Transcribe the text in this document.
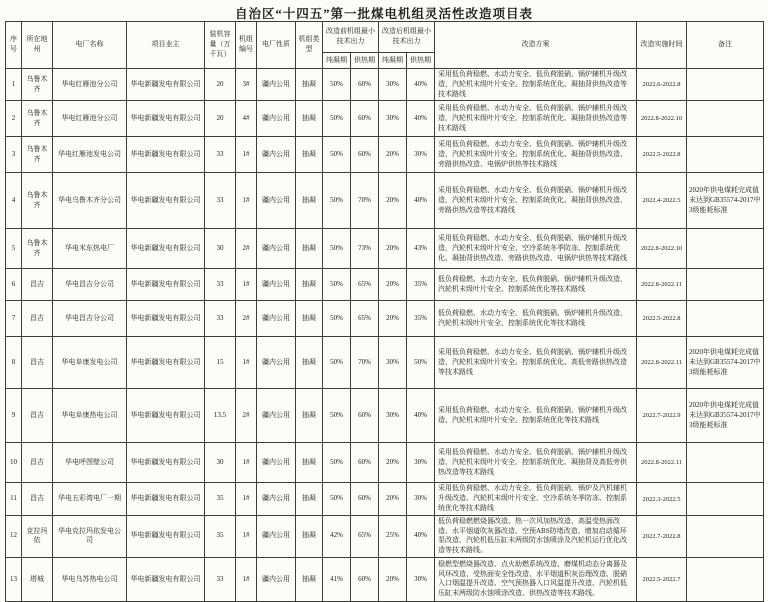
自治区“十四五”第一批煤电机组灵活性改造项目表
序号	所在地州	电厂名称	项目业主	装机容量（万千瓦）	机组编号	电厂性质	机组类型	改造前机组最小技术出力		改造后机组最小技术出力		改造方案	改造实施时间	备注
								纯凝期	供热期	纯凝期	供热期			
1	乌鲁木齐	华电红雁池分公司	华电新疆发电有限公司	20	3#	疆内公用	抽凝	50%	60%	30%	40%	采用低负荷稳燃、水动力安全、低负荷脱硝、锅炉辅机升级改造，汽轮机末级叶片安全、控制系统优化、凝抽背供热改造等技术路线	2022.6-2022.8	
2	乌鲁木齐	华电红雁池分公司	华电新疆发电有限公司	20	4#	疆内公用	抽凝	50%	60%	30%	40%	采用低负荷稳燃、水动力安全、低负荷脱硝、锅炉辅机升级改造，汽轮机末级叶片安全、控制系统优化、凝抽背供热改造等技术路线	2022.8-2022.10	
3	乌鲁木齐	华电红雁池发电公司	华电新疆发电有限公司	33	1#	疆内公用	抽凝	50%	60%	20%	30%	采用低负荷稳燃、水动力安全、低负荷脱硝、锅炉辅机升级改造，汽轮机末级叶片安全、控制系统优化、凝抽背供热改造、旁路供热改造、电锅炉供热等技术路线	2022.5-2022.8	
4	乌鲁木齐	华电乌鲁木齐分公司	华电新疆发电有限公司	33	1#	疆内公用	抽凝	50%	70%	20%	40%	采用低负荷稳燃、水动力安全、低负荷脱硝、锅炉辅机升级改造，汽轮机末级叶片安全、控制系统优化、凝抽背供热改造、旁路供热改造等技术路线	2022.4-2022.5	2020年供电煤耗完成值未达到GB35574-2017中3级能耗标准
5	乌鲁木齐	华电米东热电厂	华电新疆发电有限公司	30	2#	疆内公用	抽凝	50%	73%	20%	43%	采用低负荷稳燃、水动力安全、低负荷脱硝、锅炉辅机升级改造，汽轮机末级叶片安全、空冷系统冬季防冻、控制系统优化、凝抽背供热改造、旁路供热改造、电锅炉供热等技术路线	2022.8-2022.10	
6	昌吉	华电昌吉分公司	华电新疆发电有限公司	33	1#	疆内公用	抽凝	50%	65%	20%	35%	低负荷稳燃、水动力安全、低负荷脱硝、锅炉辅机升级改造，汽轮机末级叶片安全、控制系统优化等技术路线	2022.8-2022.11	
7	昌吉	华电昌吉分公司	华电新疆发电有限公司	33	2#	疆内公用	抽凝	50%	65%	20%	35%	低负荷稳燃、水动力安全、低负荷脱硝、锅炉辅机升级改造，汽轮机末级叶片安全、控制系统优化等技术路线	2022.5-2022.8	
8	昌吉	华电阜康发电公司	华电新疆发电有限公司	15	1#	疆内公用	抽凝	50%	70%	30%	50%	采用低负荷稳燃、水动力安全、低负荷脱硝、锅炉辅机升级改造，汽轮机末级叶片安全、控制系统优化、高低旁路供热改造等技术路线	2022.8-2022.11	2020年供电煤耗完成值未达到GB35574-2017中3级能耗标准
9	昌吉	华电阜康热电公司	华电新疆发电有限公司	13.5	2#	疆内公用	抽凝	50%	60%	30%	40%	采用低负荷稳燃、水动力安全、低负荷脱硝、锅炉辅机升级改造、汽轮机末级叶片安全、控制系统优化等技术路线	2022.7-2022.9	2020年供电煤耗完成值未达到GB35574-2017中3级能耗标准
10	昌吉	华电呼图壁公司	华电新疆发电有限公司	30	1#	疆内公用	抽凝	50%	60%	20%	30%	采用低负荷稳燃、水动力安全、低负荷脱硝、锅炉辅机升级改造、汽轮机末级叶片安全、控制系统优化、凝抽背及高低旁供热改造等技术路线	2022.8-2022.11	
11	昌吉	华电五彩湾电厂一期	华电新疆发电有限公司	35	1#	疆内公用	抽凝	50%	60%	20%	30%	采用低负荷稳燃、水动力安全、低负荷脱硝、锅炉及汽机辅机升级改造、汽轮机末级叶片安全、空冷系统冬季防冻、控制系统优化等技术路线	2022.3-2022.5	
12	克拉玛依	华电克拉玛依发电公司	华电新疆发电有限公司	35	1#	疆内公用	抽凝	42%	65%	25%	40%	低负荷稳燃燃烧器改造、热一次风加热改造、高温受热面改造、水平烟道吹灰器改造、空预ABS防堵改造、增加启动循环泵改造、汽轮机低压缸末两级防水蚀喷涂及汽轮机运行优化改造等技术路线。	2022.7-2022.8	
13	塔城	华电乌苏热电公司	华电新疆发电有限公司	33	1#	疆内公用	抽凝	41%	60%	20%	30%	稳燃型燃烧器改造、点火助燃系统改造、磨煤机动态分离器及风环改造、受热面安全性改造、水平烟道积灰治理改造、脱硝入口烟温提升改造、空气预热器入口风温提升改造、汽轮机低压缸末两级防水蚀喷涂改造、供热改造等技术路线。	2022.5-2022.7	
